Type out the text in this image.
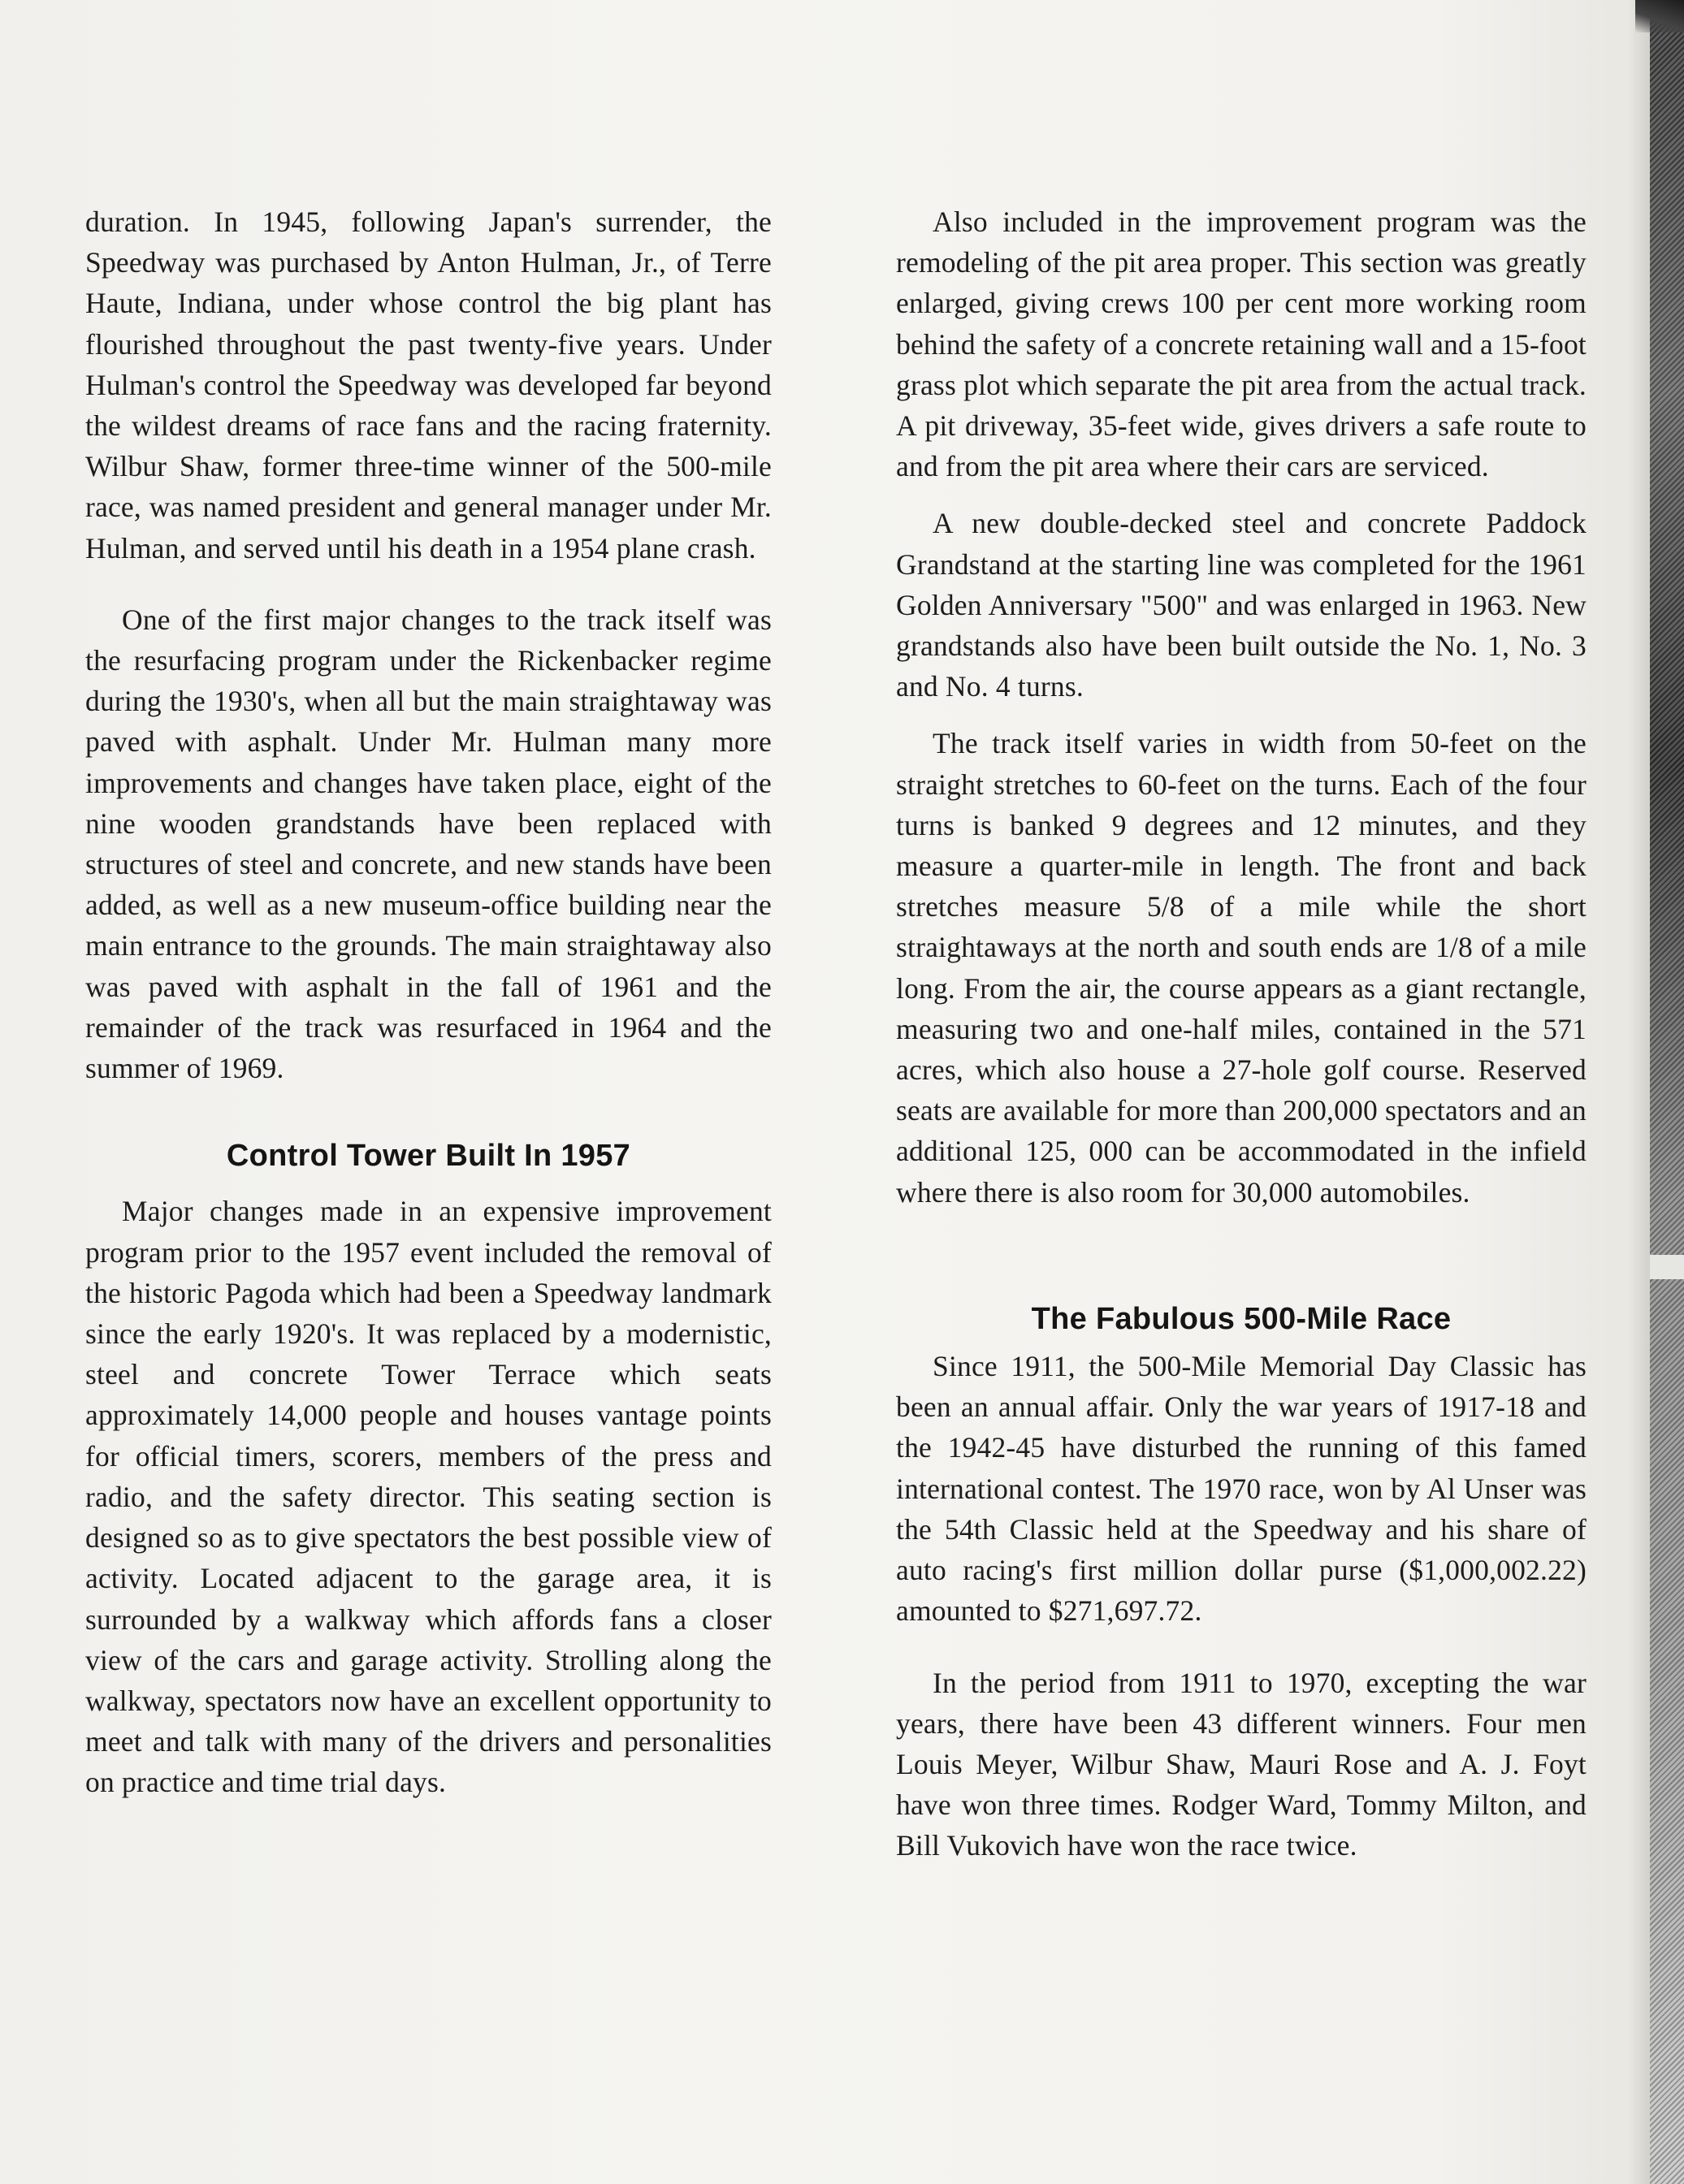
duration. In 1945, following Japan's surrender, the Speedway was purchased by Anton Hulman, Jr., of Terre Haute, Indiana, under whose control the big plant has flourished throughout the past twenty-five years. Under Hulman's control the Speedway was developed far beyond the wildest dreams of race fans and the racing fraternity. Wilbur Shaw, former three-time winner of the 500-mile race, was named president and general manager under Mr. Hulman, and served until his death in a 1954 plane crash.

One of the first major changes to the track itself was the resurfacing program under the Rickenbacker regime during the 1930's, when all but the main straightaway was paved with asphalt. Under Mr. Hulman many more improvements and changes have taken place, eight of the nine wooden grandstands have been replaced with structures of steel and concrete, and new stands have been added, as well as a new museum-office building near the main entrance to the grounds. The main straightaway also was paved with asphalt in the fall of 1961 and the remainder of the track was resurfaced in 1964 and the summer of 1969.

Control Tower Built In 1957

Major changes made in an expensive improvement program prior to the 1957 event included the removal of the historic Pagoda which had been a Speedway landmark since the early 1920's. It was replaced by a modernistic, steel and concrete Tower Terrace which seats approximately 14,000 people and houses vantage points for official timers, scorers, members of the press and radio, and the safety director. This seating section is designed so as to give spectators the best possible view of activity. Located adjacent to the garage area, it is surrounded by a walkway which affords fans a closer view of the cars and garage activity. Strolling along the walkway, spectators now have an excellent opportunity to meet and talk with many of the drivers and personalities on practice and time trial days.

Also included in the improvement program was the remodeling of the pit area proper. This section was greatly enlarged, giving crews 100 per cent more working room behind the safety of a concrete retaining wall and a 15-foot grass plot which separate the pit area from the actual track. A pit driveway, 35-feet wide, gives drivers a safe route to and from the pit area where their cars are serviced.

A new double-decked steel and concrete Paddock Grandstand at the starting line was completed for the 1961 Golden Anniversary "500" and was enlarged in 1963. New grandstands also have been built outside the No. 1, No. 3 and No. 4 turns.

The track itself varies in width from 50-feet on the straight stretches to 60-feet on the turns. Each of the four turns is banked 9 degrees and 12 minutes, and they measure a quarter-mile in length. The front and back stretches measure 5/8 of a mile while the short straightaways at the north and south ends are 1/8 of a mile long. From the air, the course appears as a giant rectangle, measuring two and one-half miles, contained in the 571 acres, which also house a 27-hole golf course. Reserved seats are available for more than 200,000 spectators and an additional 125, 000 can be accommodated in the infield where there is also room for 30,000 automobiles.

The Fabulous 500-Mile Race

Since 1911, the 500-Mile Memorial Day Classic has been an annual affair. Only the war years of 1917-18 and the 1942-45 have disturbed the running of this famed international contest. The 1970 race, won by Al Unser was the 54th Classic held at the Speedway and his share of auto racing's first million dollar purse ($1,000,002.22) amounted to $271,697.72.

In the period from 1911 to 1970, excepting the war years, there have been 43 different winners. Four men Louis Meyer, Wilbur Shaw, Mauri Rose and A. J. Foyt have won three times. Rodger Ward, Tommy Milton, and Bill Vukovich have won the race twice.
